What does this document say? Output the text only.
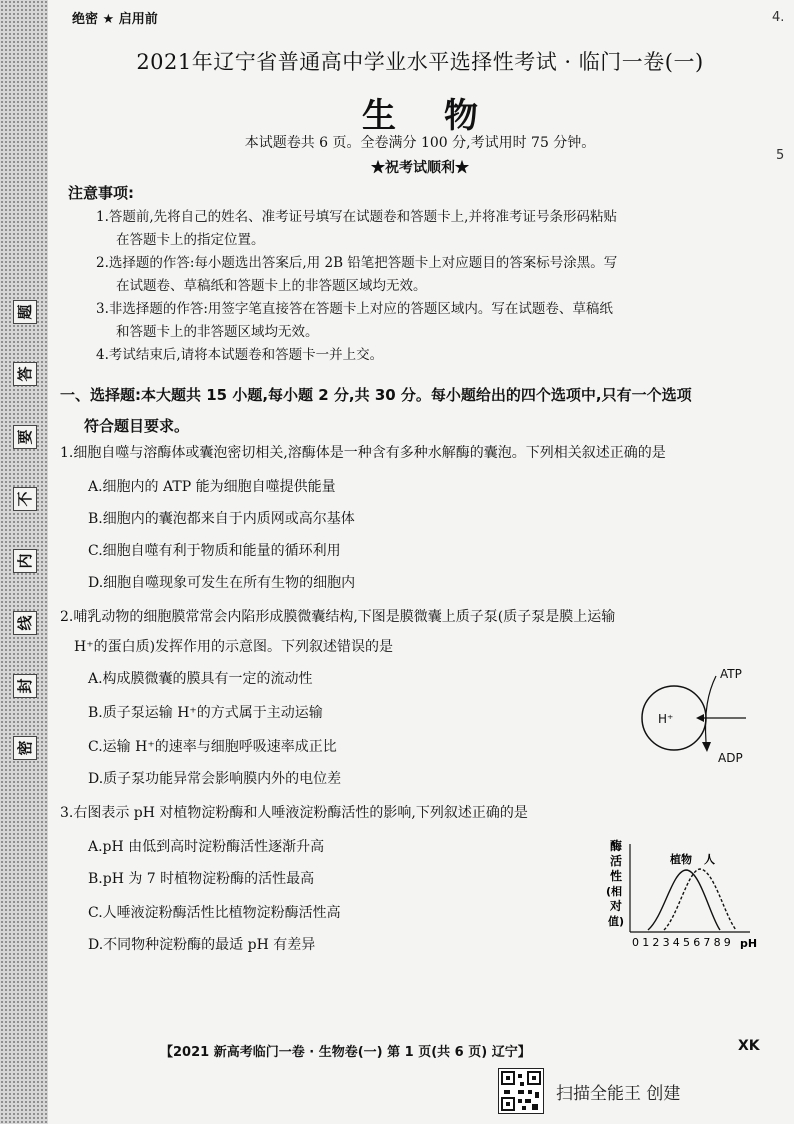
题
答
要
不
内
线
封
密
4.
5
绝密 ★ 启用前
2021年辽宁省普通高中学业水平选择性考试 · 临门一卷(一)
生物
本试题卷共 6 页。全卷满分 100 分,考试用时 75 分钟。
★祝考试顺利★
注意事项:

1.答题前,先将自己的姓名、准考证号填写在试题卷和答题卡上,并将准考证号条形码粘贴

在答题卡上的指定位置。

2.选择题的作答:每小题选出答案后,用 2B 铅笔把答题卡上对应题目的答案标号涂黑。写

在试题卷、草稿纸和答题卡上的非答题区域均无效。

3.非选择题的作答:用签字笔直接答在答题卡上对应的答题区域内。写在试题卷、草稿纸

和答题卡上的非答题区域均无效。

4.考试结束后,请将本试题卷和答题卡一并上交。

一、选择题:本大题共 15 小题,每小题 2 分,共 30 分。每小题给出的四个选项中,只有一个选项
符合题目要求。
1.细胞自噬与溶酶体或囊泡密切相关,溶酶体是一种含有多种水解酶的囊泡。下列相关叙述正确的是
A.细胞内的 ATP 能为细胞自噬提供能量
B.细胞内的囊泡都来自于内质网或高尔基体
C.细胞自噬有利于物质和能量的循环利用
D.细胞自噬现象可发生在所有生物的细胞内
2.哺乳动物的细胞膜常常会内陷形成膜微囊结构,下图是膜微囊上质子泵(质子泵是膜上运输
H⁺的蛋白质)发挥作用的示意图。下列叙述错误的是
A.构成膜微囊的膜具有一定的流动性
B.质子泵运输 H⁺的方式属于主动运输
C.运输 H⁺的速率与细胞呼吸速率成正比
D.质子泵功能异常会影响膜内外的电位差
H⁺
ATP
ADP
3.右图表示 pH 对植物淀粉酶和人唾液淀粉酶活性的影响,下列叙述正确的是
A.pH 由低到高时淀粉酶活性逐渐升高
B.pH 为 7 时植物淀粉酶的活性最高
C.人唾液淀粉酶活性比植物淀粉酶活性高
D.不同物种淀粉酶的最适 pH 有差异
酶
活
性
(相
对
值)
0 1 2 3 4 5 6 7 8 9 pH
植物 人
【2021 新高考临门一卷 · 生物卷(一) 第 1 页(共 6 页) 辽宁】	XK
扫描全能王 创建
